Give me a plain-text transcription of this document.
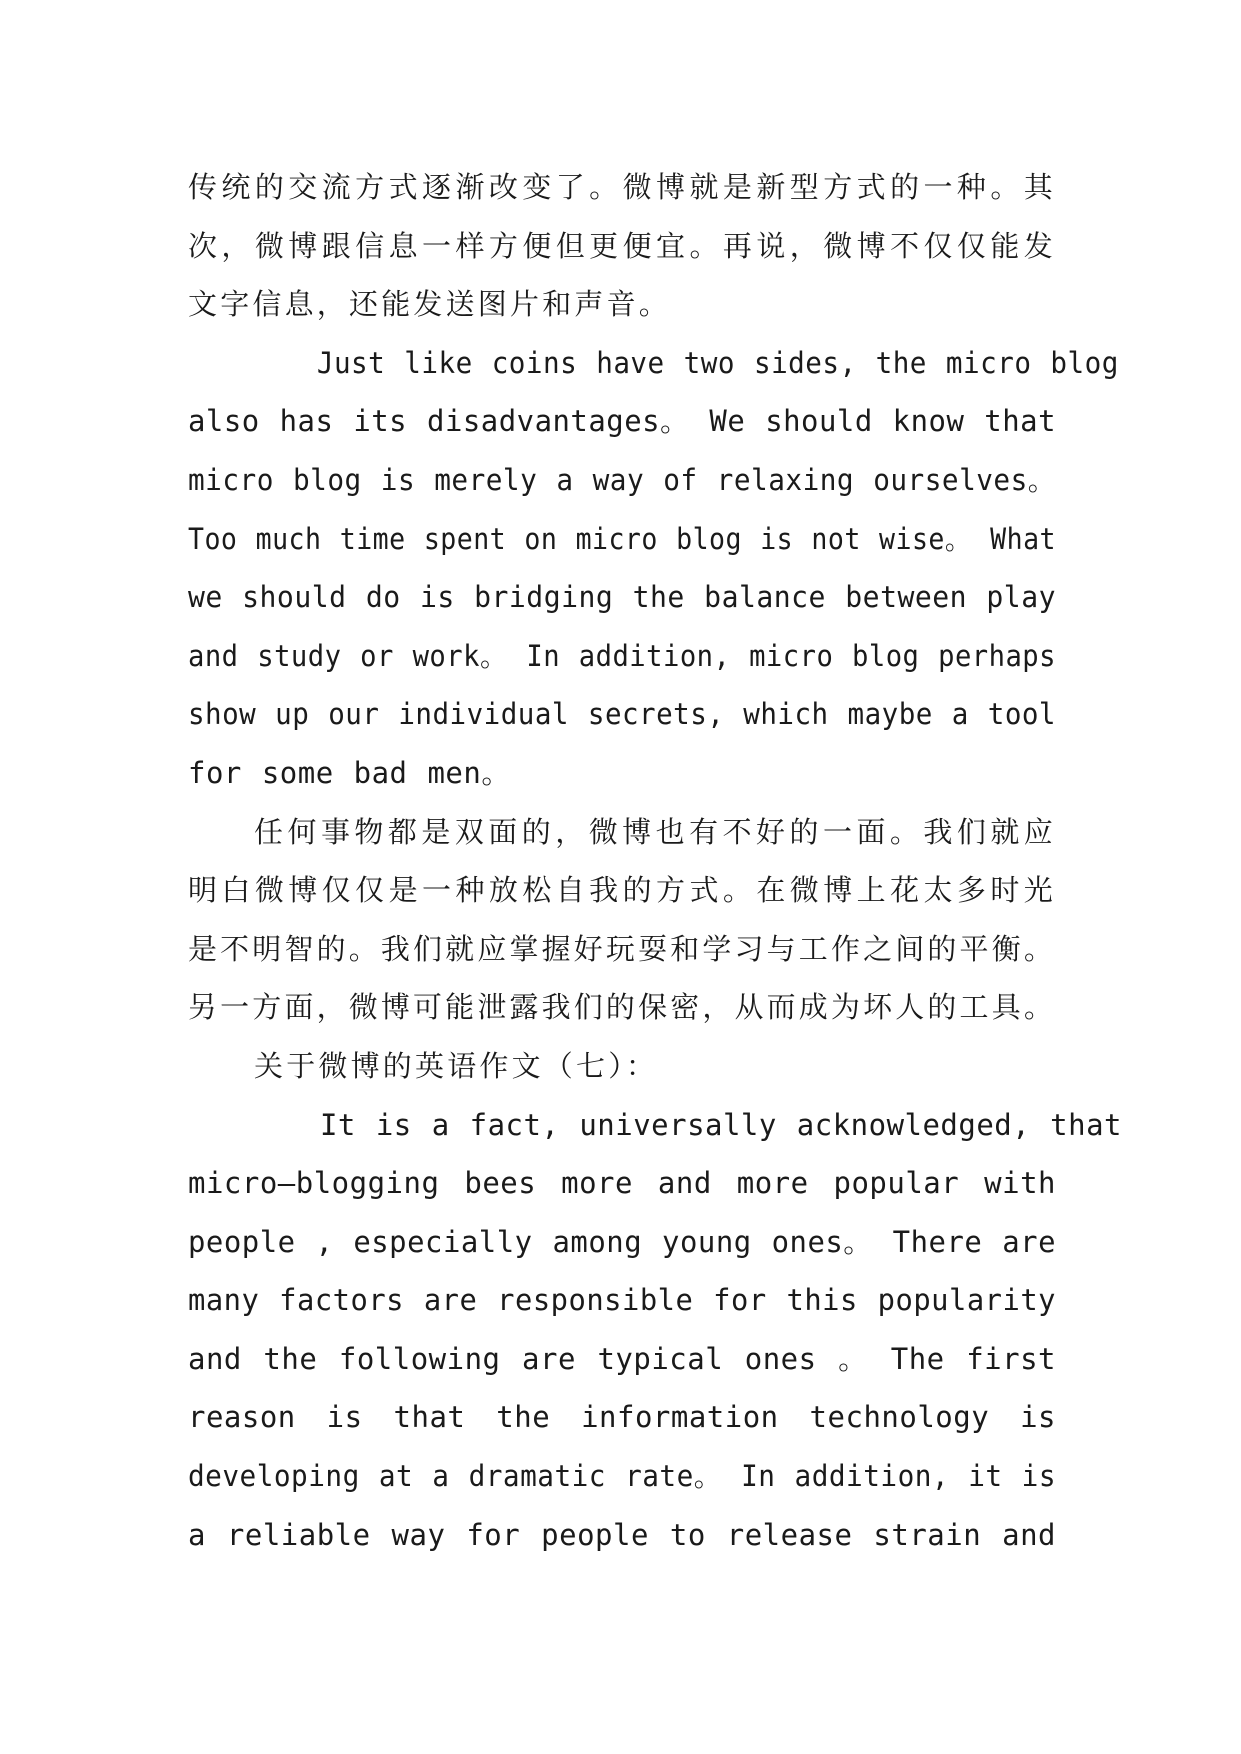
传统的交流方式逐渐改变了。微博就是新型方式的一种。其
次，微博跟信息一样方便但更便宜。再说，微博不仅仅能发
文字信息，还能发送图片和声音。
Just like coins have two sides, the micro blog
also has its disadvantages。 We should know that
micro blog is merely a way of relaxing ourselves。
Too much time spent on micro blog is not wise。 What
we should do is bridging the balance between play
and study or work。 In addition, micro blog perhaps
show up our individual secrets, which maybe a tool
for some bad men。
任何事物都是双面的，微博也有不好的一面。我们就应
明白微博仅仅是一种放松自我的方式。在微博上花太多时光
是不明智的。我们就应掌握好玩耍和学习与工作之间的平衡。
另一方面，微博可能泄露我们的保密，从而成为坏人的工具。
关于微博的英语作文（七）：
It is a fact, universally acknowledged, that
micro—blogging bees more and more popular with
people , especially among young ones。 There are
many factors are responsible for this popularity
and the following are typical ones 。 The first
reason is that the information technology is
developing at a dramatic rate。 In addition, it is
a reliable way for people to release strain and
